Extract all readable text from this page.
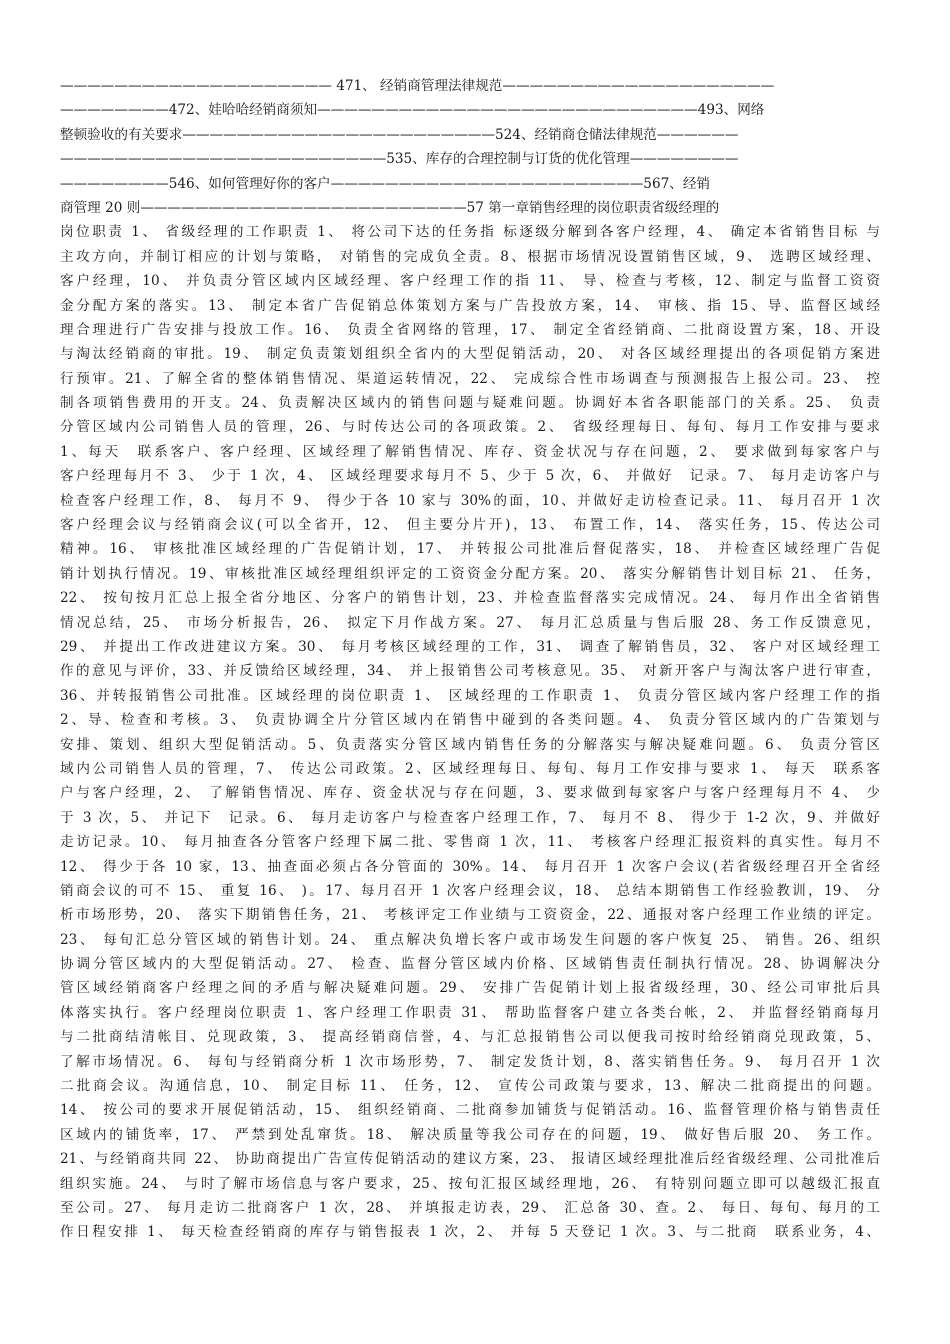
———————————————————— 471、 经销商管理法律规范————————————————————
————————472、娃哈哈经销商须知————————————————————————————493、网络
整顿验收的有关要求———————————————————————524、经销商仓储法律规范——————
————————————————————————535、库存的合理控制与订货的优化管理————————
————————546、如何管理好你的客户———————————————————————567、经销
商管理 20 则————————————————————————57 第一章销售经理的岗位职责省级经理的
岗位职责 1、 省级经理的工作职责 1、 将公司下达的任务指 标逐级分解到各客户经理，4、 确定本省销售目标 与
主攻方向，并制订相应的计划与策略， 对销售的完成负全责。8、根据市场情况设置销售区域，9、 选聘区域经理、
客户经理，10、 并负责分管区域内区域经理、客户经理工作的指 11、 导、检查与考核，12、制定与监督工资资
金分配方案的落实。13、 制定本省广告促销总体策划方案与广告投放方案，14、 审核、指 15、导、监督区域经
理合理进行广告安排与投放工作。16、 负责全省网络的管理，17、 制定全省经销商、二批商设置方案，18、开设
与淘汰经销商的审批。19、 制定负责策划组织全省内的大型促销活动，20、 对各区域经理提出的各项促销方案进
行预审。21、了解全省的整体销售情况、渠道运转情况，22、 完成综合性市场调查与预测报告上报公司。23、 控
制各项销售费用的开支。24、负责解决区域内的销售问题与疑难问题。协调好本省各职能部门的关系。25、 负责
分管区域内公司销售人员的管理，26、与时传达公司的各项政策。2、 省级经理每日、每旬、每月工作安排与要求
1、每天　联系客户、客户经理、区域经理了解销售情况、库存、资金状况与存在问题，2、 要求做到每家客户与
客户经理每月不 3、 少于 1 次，4、 区域经理要求每月不 5、少于 5 次，6、 并做好　记录。7、 每月走访客户与
检查客户经理工作，8、 每月不 9、 得少于各 10 家与 30%的面，10、并做好走访检查记录。11、 每月召开 1 次
客户经理会议与经销商会议(可以全省开，12、 但主要分片开)，13、 布置工作，14、 落实任务，15、传达公司
精神。16、 审核批准区域经理的广告促销计划，17、 并转报公司批准后督促落实，18、 并检查区域经理广告促
销计划执行情况。19、审核批准区域经理组织评定的工资资金分配方案。20、 落实分解销售计划目标 21、 任务，
22、 按旬按月汇总上报全省分地区、分客户的销售计划，23、并检查监督落实完成情况。24、 每月作出全省销售
情况总结，25、 市场分析报告，26、 拟定下月作战方案。27、 每月汇总质量与售后服 28、务工作反馈意见，
29、 并提出工作改进建议方案。30、 每月考核区域经理的工作，31、 调查了解销售员，32、 客户对区域经理工
作的意见与评价，33、并反馈给区域经理，34、 并上报销售公司考核意见。35、 对新开客户与淘汰客户进行审查，
36、并转报销售公司批准。区域经理的岗位职责 1、 区域经理的工作职责 1、 负责分管区域内客户经理工作的指
2、导、检查和考核。3、 负责协调全片分管区域内在销售中碰到的各类问题。4、 负责分管区域内的广告策划与
安排、策划、组织大型促销活动。5、负责落实分管区域内销售任务的分解落实与解决疑难问题。6、 负责分管区
域内公司销售人员的管理，7、 传达公司政策。2、区域经理每日、每旬、每月工作安排与要求 1、 每天　联系客
户与客户经理，2、 了解销售情况、库存、资金状况与存在问题，3、要求做到每家客户与客户经理每月不 4、 少
于 3 次，5、 并记下　记录。6、 每月走访客户与检查客户经理工作，7、 每月不 8、 得少于 1-2 次，9、并做好
走访记录。10、 每月抽查各分管客户经理下属二批、零售商 1 次，11、 考核客户经理汇报资料的真实性。每月不
12、 得少于各 10 家，13、抽查面必须占各分管面的 30%。14、 每月召开 1 次客户会议(若省级经理召开全省经
销商会议的可不 15、 重复 16、 )。17、每月召开 1 次客户经理会议，18、 总结本期销售工作经验教训，19、 分
析市场形势，20、 落实下期销售任务，21、 考核评定工作业绩与工资资金，22、通报对客户经理工作业绩的评定。
23、 每旬汇总分管区域的销售计划。24、 重点解决负增长客户或市场发生问题的客户恢复 25、 销售。26、组织
协调分管区域内的大型促销活动。27、 检查、监督分管区域内价格、区域销售责任制执行情况。28、协调解决分
管区域经销商客户经理之间的矛盾与解决疑难问题。29、 安排广告促销计划上报省级经理，30、经公司审批后具
体落实执行。客户经理岗位职责 1、客户经理工作职责 31、 帮助监督客户建立各类台帐，2、 并监督经销商每月
与二批商结清帐目、兑现政策，3、 提高经销商信誉，4、与汇总报销售公司以便我司按时给经销商兑现政策，5、
了解市场情况。6、 每旬与经销商分析 1 次市场形势，7、 制定发货计划，8、落实销售任务。9、 每月召开 1 次
二批商会议。沟通信息，10、 制定目标 11、 任务，12、 宣传公司政策与要求，13、解决二批商提出的问题。
14、 按公司的要求开展促销活动，15、 组织经销商、二批商参加铺货与促销活动。16、监督管理价格与销售责任
区域内的铺货率，17、 严禁到处乱窜货。18、 解决质量等我公司存在的问题，19、 做好售后服 20、 务工作。
21、与经销商共同 22、 协助商提出广告宣传促销活动的建议方案，23、 报请区域经理批准后经省级经理、公司批准后
组织实施。24、 与时了解市场信息与客户要求，25、按旬汇报区域经理地，26、 有特别问题立即可以越级汇报直
至公司。27、 每月走访二批商客户 1 次，28、 并填报走访表，29、 汇总备 30、查。2、 每日、每旬、每月的工
作日程安排 1、 每天检查经销商的库存与销售报表 1 次，2、 并每 5 天登记 1 次。3、与二批商　联系业务，4、
